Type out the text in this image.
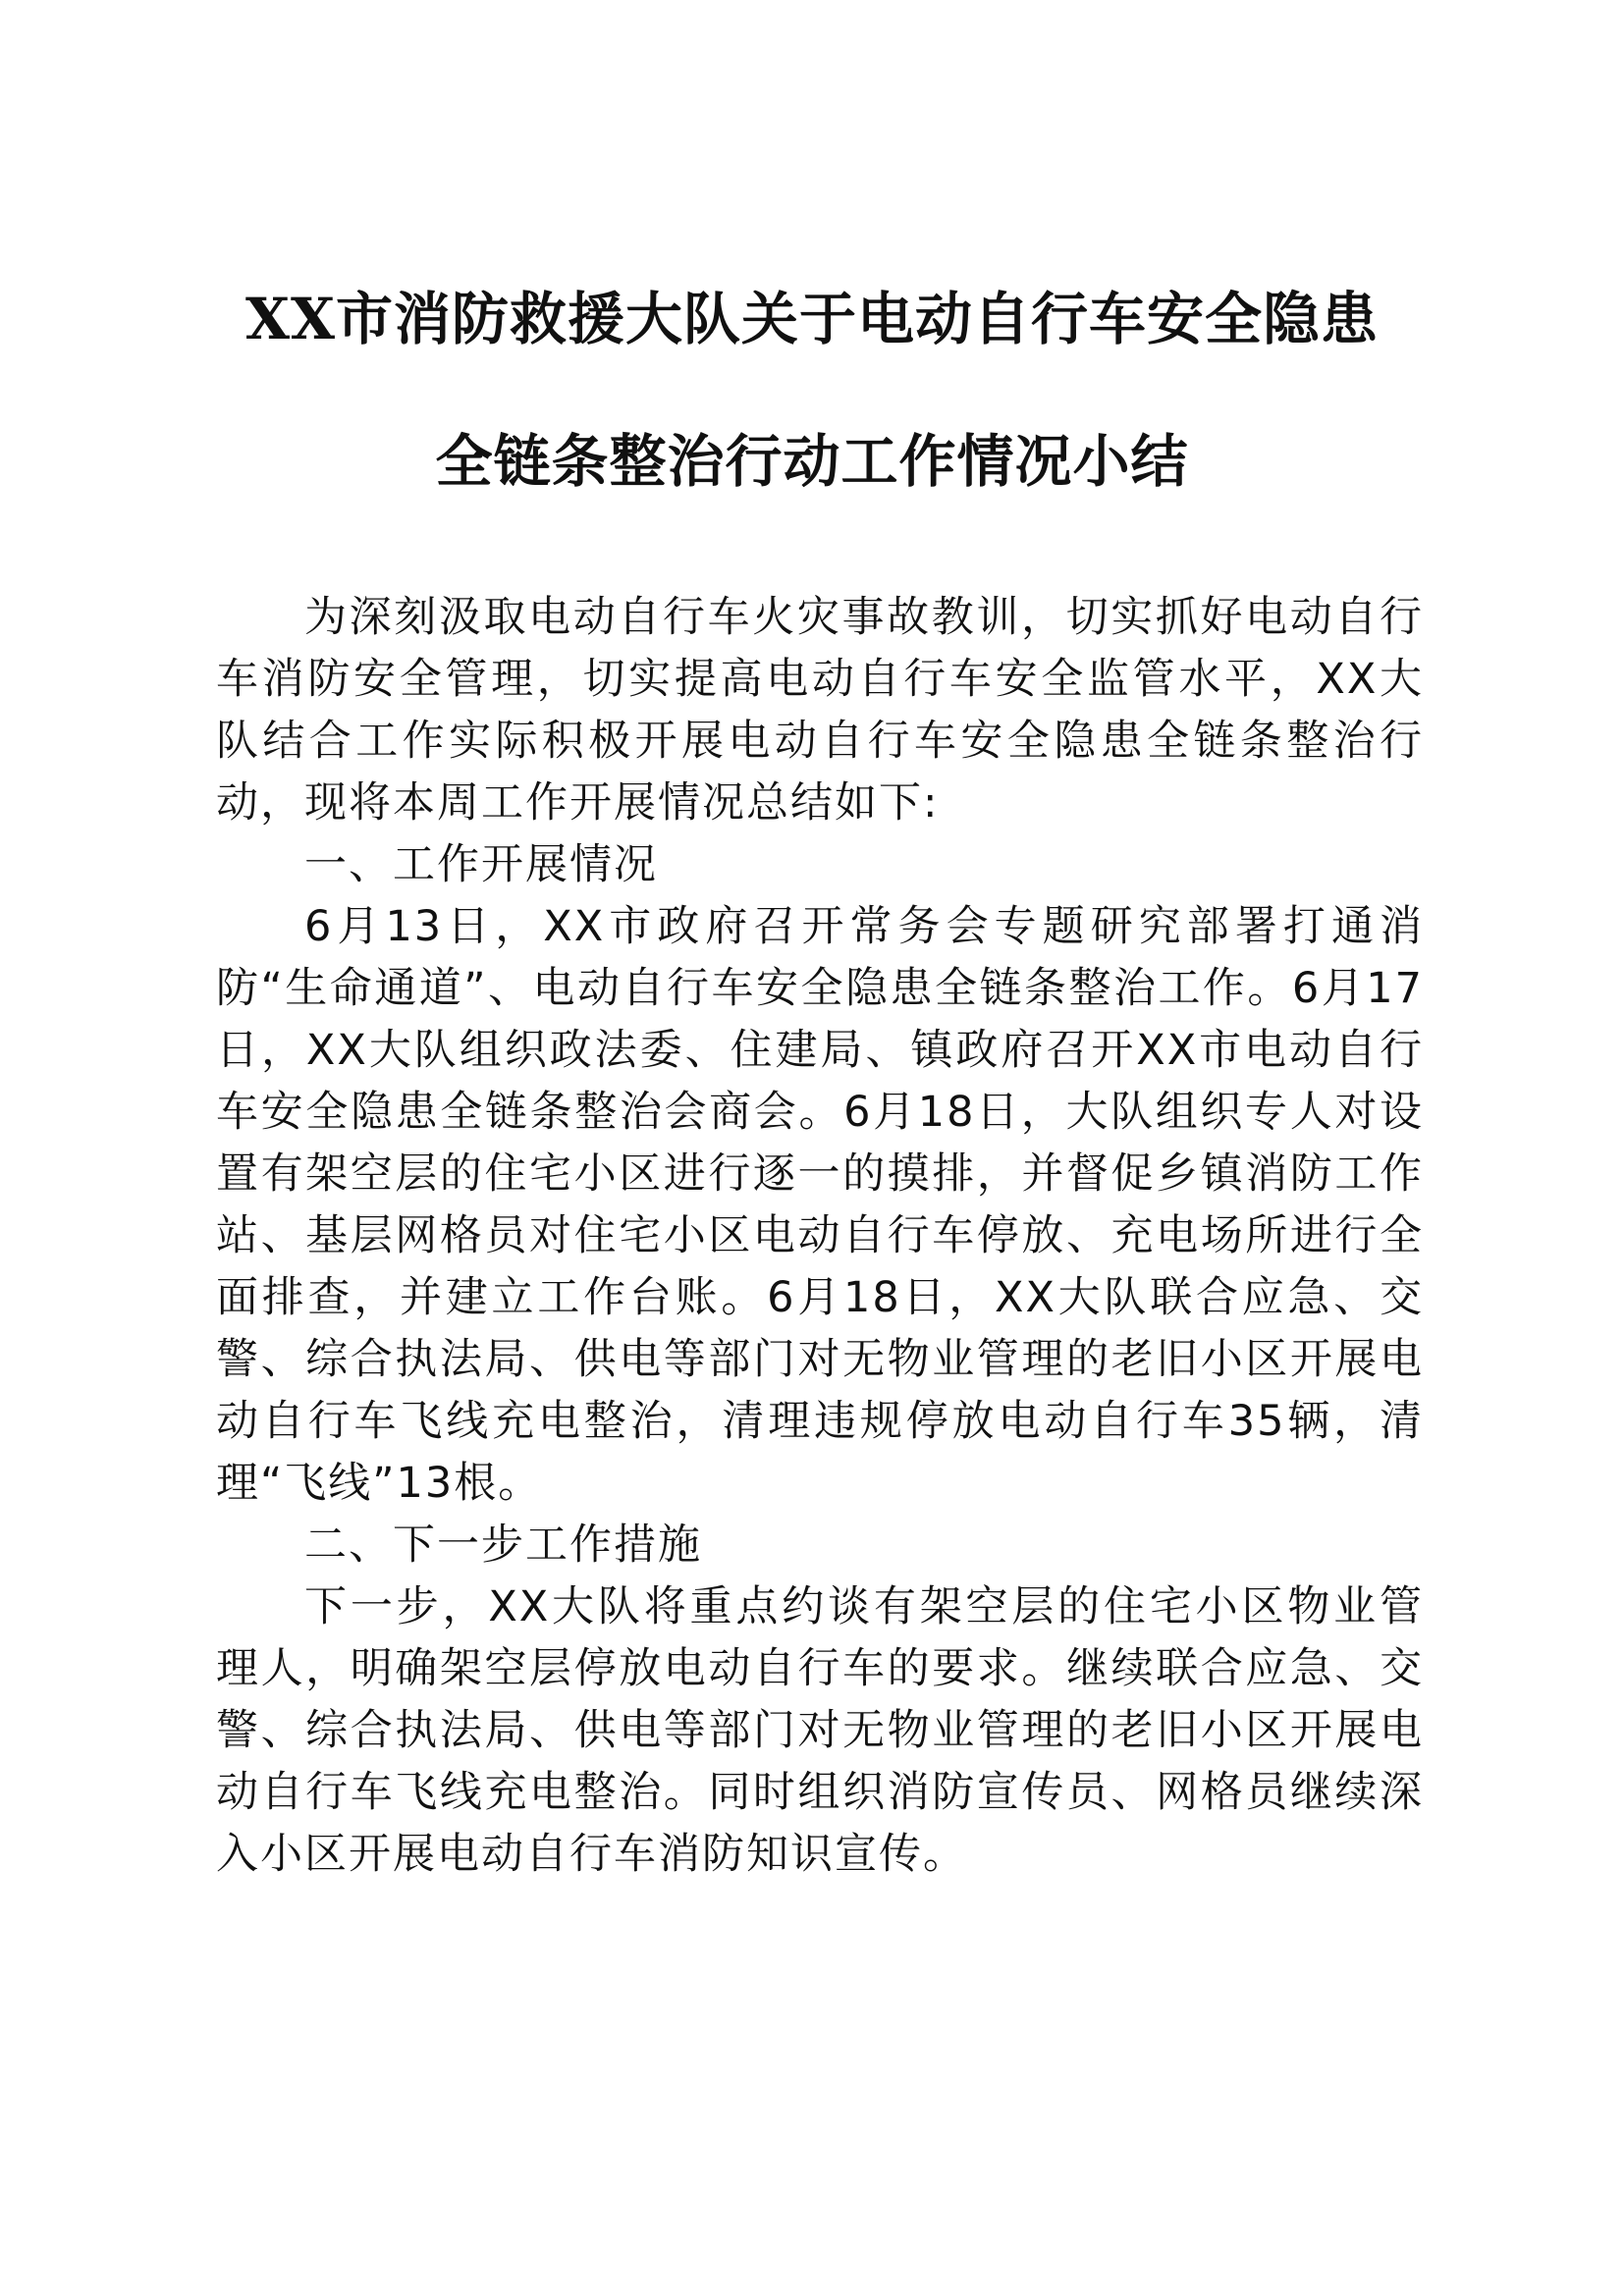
XX市消防救援大队关于电动自行车安全隐患
全链条整治行动工作情况小结

为深刻汲取电动自行车火灾事故教训，切实抓好电动自行车消防安全管理，切实提高电动自行车安全监管水平，XX大队结合工作实际积极开展电动自行车安全隐患全链条整治行动，现将本周工作开展情况总结如下:

一、工作开展情况

6月13日，XX市政府召开常务会专题研究部署打通消防“生命通道”、电动自行车安全隐患全链条整治工作。6月17日，XX大队组织政法委、住建局、镇政府召开XX市电动自行车安全隐患全链条整治会商会。6月18日，大队组织专人对设置有架空层的住宅小区进行逐一的摸排，并督促乡镇消防工作站、基层网格员对住宅小区电动自行车停放、充电场所进行全面排查，并建立工作台账。6月18日，XX大队联合应急、交警、综合执法局、供电等部门对无物业管理的老旧小区开展电动自行车飞线充电整治，清理违规停放电动自行车35辆，清理“飞线”13根。

二、下一步工作措施

下一步，XX大队将重点约谈有架空层的住宅小区物业管理人，明确架空层停放电动自行车的要求。继续联合应急、交警、综合执法局、供电等部门对无物业管理的老旧小区开展电动自行车飞线充电整治。同时组织消防宣传员、网格员继续深入小区开展电动自行车消防知识宣传。
